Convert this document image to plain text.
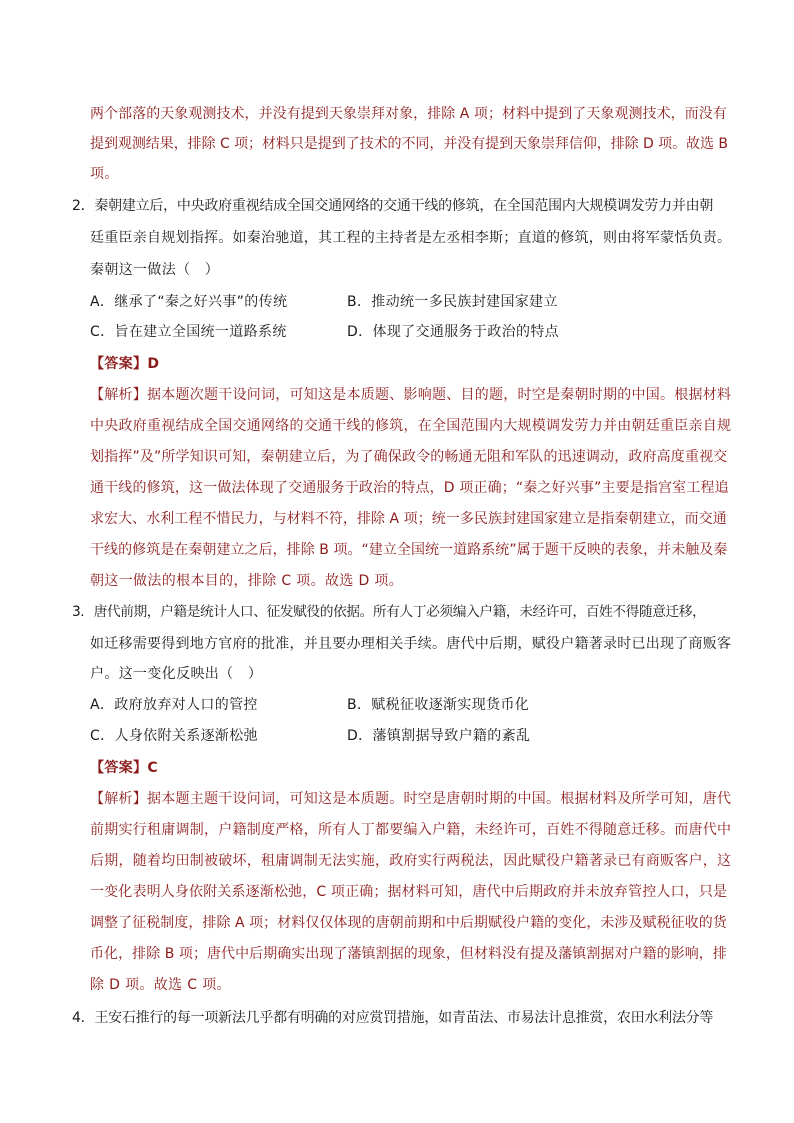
两个部落的天象观测技术，并没有提到天象崇拜对象，排除 A 项；材料中提到了天象观测技术，而没有
提到观测结果，排除 C 项；材料只是提到了技术的不同，并没有提到天象崇拜信仰，排除 D 项。故选 B
项。
2．秦朝建立后，中央政府重视结成全国交通网络的交通干线的修筑，在全国范围内大规模调发劳力并由朝
廷重臣亲自规划指挥。如秦治驰道，其工程的主持者是左丞相李斯；直道的修筑，则由将军蒙恬负责。
秦朝这一做法（　）
A．继承了“秦之好兴事”的传统	B．推动统一多民族封建国家建立
C．旨在建立全国统一道路系统	D．体现了交通服务于政治的特点
【答案】D
【解析】据本题次题干设问词，可知这是本质题、影响题、目的题，时空是秦朝时期的中国。根据材料
中央政府重视结成全国交通网络的交通干线的修筑，在全国范围内大规模调发劳力并由朝廷重臣亲自规
划指挥”及”所学知识可知，秦朝建立后，为了确保政令的畅通无阻和军队的迅速调动，政府高度重视交
通干线的修筑，这一做法体现了交通服务于政治的特点，D 项正确；“秦之好兴事”主要是指宫室工程追
求宏大、水利工程不惜民力，与材料不符，排除 A 项；统一多民族封建国家建立是指秦朝建立，而交通
干线的修筑是在秦朝建立之后，排除 B 项。“建立全国统一道路系统”属于题干反映的表象，并未触及秦
朝这一做法的根本目的，排除 C 项。故选 D 项。
3．唐代前期，户籍是统计人口、征发赋役的依据。所有人丁必须编入户籍，未经许可，百姓不得随意迁移，
如迁移需要得到地方官府的批准，并且要办理相关手续。唐代中后期，赋役户籍著录时已出现了商贩客
户。这一变化反映出（　）
A．政府放弃对人口的管控	B．赋税征收逐渐实现货币化
C．人身依附关系逐渐松弛	D．藩镇割据导致户籍的紊乱
【答案】C
【解析】据本题主题干设问词，可知这是本质题。时空是唐朝时期的中国。根据材料及所学可知，唐代
前期实行租庸调制，户籍制度严格，所有人丁都要编入户籍，未经许可，百姓不得随意迁移。而唐代中
后期，随着均田制被破坏，租庸调制无法实施，政府实行两税法，因此赋役户籍著录已有商贩客户，这
一变化表明人身依附关系逐渐松弛，C 项正确；据材料可知，唐代中后期政府并未放弃管控人口，只是
调整了征税制度，排除 A 项；材料仅仅体现的唐朝前期和中后期赋役户籍的变化，未涉及赋税征收的货
币化，排除 B 项；唐代中后期确实出现了藩镇割据的现象，但材料没有提及藩镇割据对户籍的影响，排
除 D 项。故选 C 项。
4．王安石推行的每一项新法几乎都有明确的对应赏罚措施，如青苗法、市易法计息推赏，农田水利法分等
